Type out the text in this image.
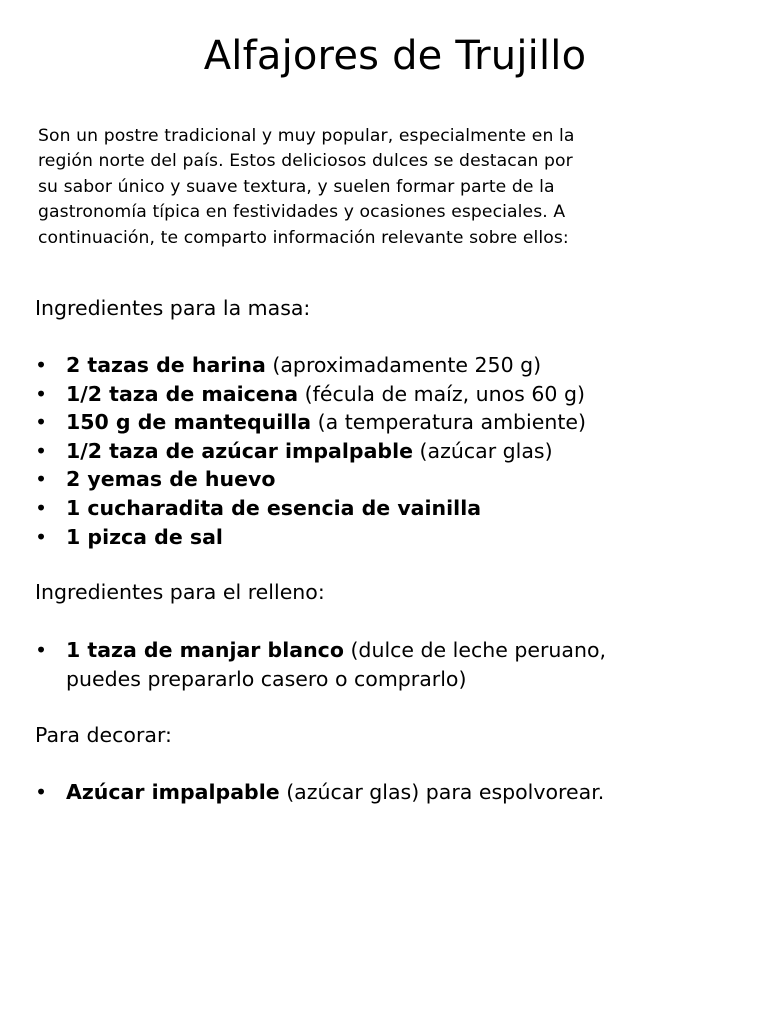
Alfajores de Trujillo

Son un postre tradicional y muy popular, especialmente en la
región norte del país. Estos deliciosos dulces se destacan por
su sabor único y suave textura, y suelen formar parte de la
gastronomía típica en festividades y ocasiones especiales. A
continuación, te comparto información relevante sobre ellos:

Ingredientes para la masa:
• 2 tazas de harina (aproximadamente 250 g)
• 1/2 taza de maicena (fécula de maíz, unos 60 g)
• 150 g de mantequilla (a temperatura ambiente)
• 1/2 taza de azúcar impalpable (azúcar glas)
• 2 yemas de huevo
• 1 cucharadita de esencia de vainilla
• 1 pizca de sal
Ingredientes para el relleno:
• 1 taza de manjar blanco (dulce de leche peruano, puedes prepararlo casero o comprarlo)
Para decorar:
• Azúcar impalpable (azúcar glas) para espolvorear.
